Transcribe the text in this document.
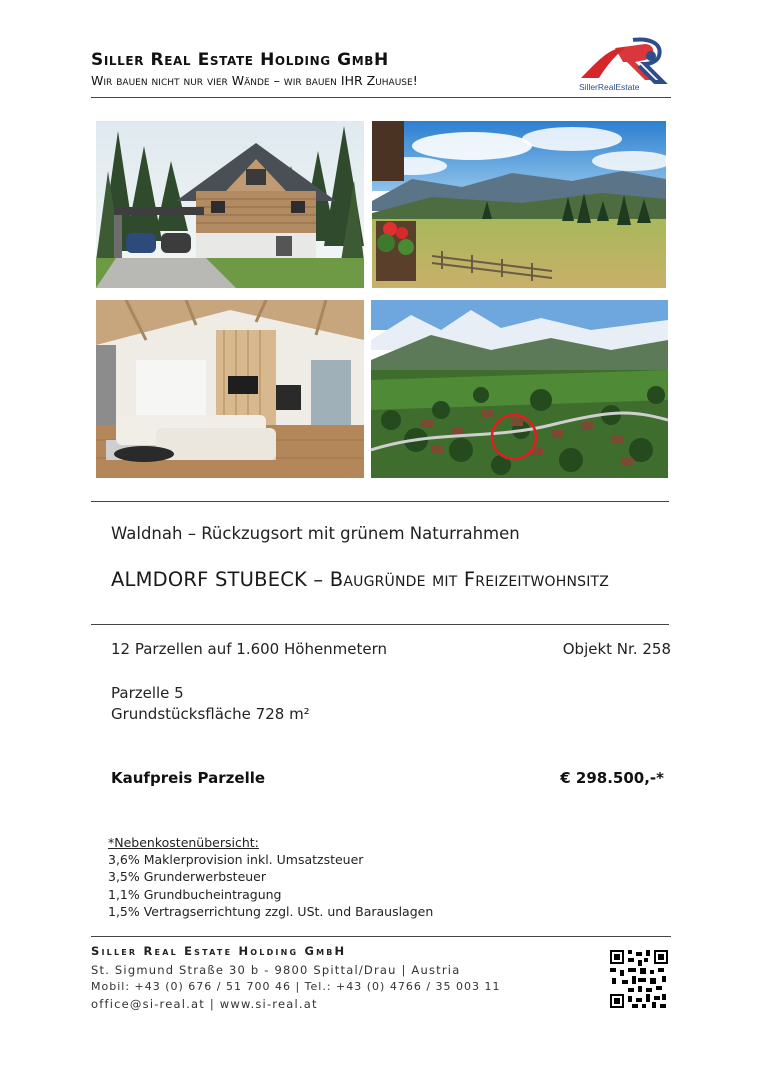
Siller Real Estate Holding GmbH
Wir bauen nicht nur vier Wände – wir bauen IHR Zuhause!	SillerRealEstate
Waldnah – Rückzugsort mit grünem Naturrahmen
ALMDORF STUBECK – Baugründe mit Freizeitwohnsitz
12 Parzellen auf 1.600 Höhenmetern	Objekt Nr. 258
Parzelle 5
Grundstücksfläche 728 m²
Kaufpreis Parzelle	€ 298.500,-*
*Nebenkostenübersicht:
3,6% Maklerprovision inkl. Umsatzsteuer
3,5% Grunderwerbsteuer
1,1% Grundbucheintragung
1,5% Vertragserrichtung zzgl. USt. und Barauslagen
Siller Real Estate Holding GmbH
St. Sigmund Straße 30 b - 9800 Spittal/Drau | Austria
Mobil: +43 (0) 676 / 51 700 46 | Tel.: +43 (0) 4766 / 35 003 11
office@si-real.at | www.si-real.at
